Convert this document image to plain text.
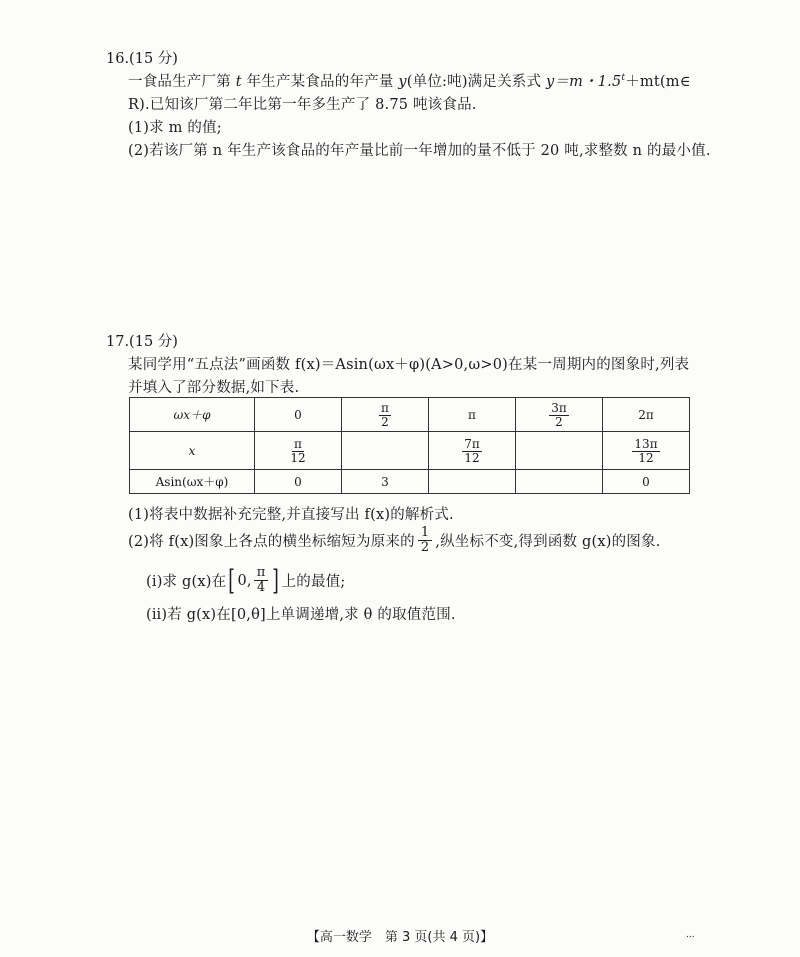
16.(15 分)
一食品生产厂第 t 年生产某食品的年产量 y(单位:吨)满足关系式 y＝m・$1.5^t+mt(m\in$
R).已知该厂第二年比第一年多生产了 8.75 吨该食品.
(1)求 m 的值;
(2)若该厂第 n 年生产该食品的年产量比前一年增加的量不低于 20 吨,求整数 n 的最小值.
17.(15 分)
某同学用“五点法”画函数 f(x)＝Asin(ωx＋φ)(A>0,ω>0)在某一周期内的图象时,列表
并填入了部分数据,如下表.
ωx＋φ	0	$\frac{\pi}{2}$	π	$\frac{3\pi}{2}$	2π
x	$\frac{\pi}{12}$		$\frac{7\pi}{12}$		$\frac{13\pi}{12}$

Asin(ωx＋φ)	0	3			0
(1)将表中数据补充完整,并直接写出 f(x)的解析式.
(2)将 f(x)图象上各点的横坐标缩短为原来的 $\frac{1}{2}$ ,纵坐标不变,得到函数 g(x)的图象.
(ⅰ)求 g(x)在 [ 0, $\frac{\pi}{4}$ ] 上的最值;
(ⅱ)若 g(x)在[0,θ]上单调递增,求 θ 的取值范围.
【高一数学　第 3 页(共 4 页)】	...
